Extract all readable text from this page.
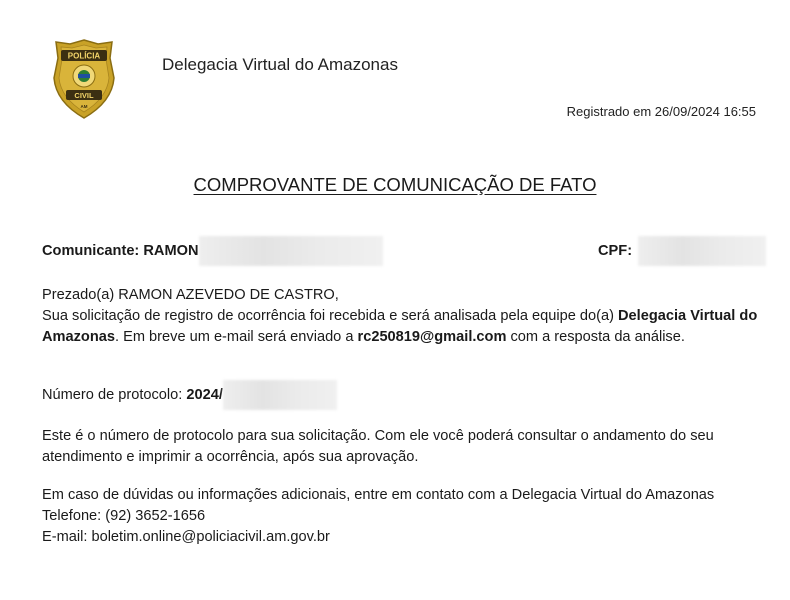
POLÍCIA
CIVIL
AM
Delegacia Virtual do Amazonas
Registrado em 26/09/2024 16:55
COMPROVANTE DE COMUNICAÇÃO DE FATO
Comunicante: RAMON	CPF:
Prezado(a) RAMON AZEVEDO DE CASTRO,
Sua solicitação de registro de ocorrência foi recebida e será analisada pela equipe do(a) Delegacia Virtual do Amazonas. Em breve um e-mail será enviado a rc250819@gmail.com com a resposta da análise.
Número de protocolo: 2024/
Este é o número de protocolo para sua solicitação. Com ele você poderá consultar o andamento do seu atendimento e imprimir a ocorrência, após sua aprovação.
Em caso de dúvidas ou informações adicionais, entre em contato com a Delegacia Virtual do Amazonas
Telefone: (92) 3652-1656
E-mail: boletim.online@policiacivil.am.gov.br
